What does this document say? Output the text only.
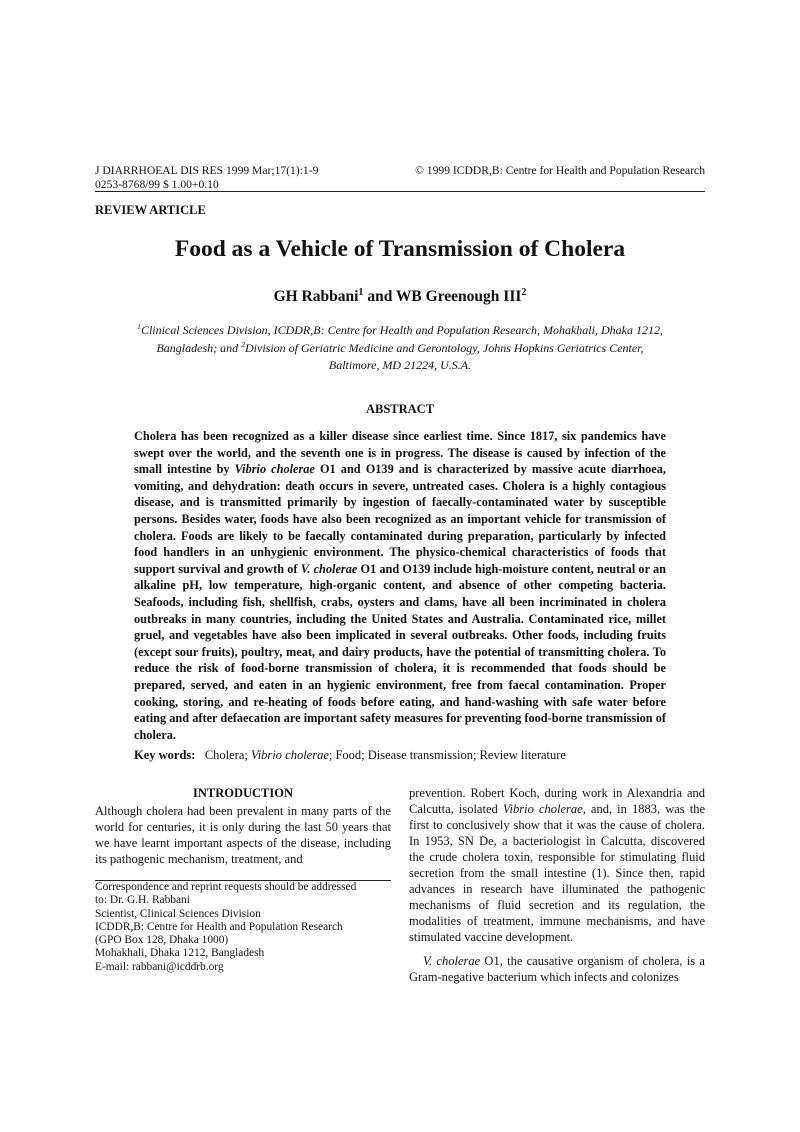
J DIARRHOEAL DIS RES 1999 Mar;17(1):1-9
0253-8768/99 $ 1.00+0.10
© 1999 ICDDR,B: Centre for Health and Population Research
REVIEW ARTICLE
Food as a Vehicle of Transmission of Cholera
GH Rabbani$^1$ and WB Greenough III$^2$
$^1$Clinical Sciences Division, ICDDR,B: Centre for Health and Population Research, Mohakhali, Dhaka 1212, Bangladesh; and $^2$Division of Geriatric Medicine and Gerontology, Johns Hopkins Geriatrics Center, Baltimore, MD 21224, U.S.A.
ABSTRACT
Cholera has been recognized as a killer disease since earliest time. Since 1817, six pandemics have swept over the world, and the seventh one is in progress. The disease is caused by infection of the small intestine by Vibrio cholerae O1 and O139 and is characterized by massive acute diarrhoea, vomiting, and dehydration: death occurs in severe, untreated cases. Cholera is a highly contagious disease, and is transmitted primarily by ingestion of faecally-contaminated water by susceptible persons. Besides water, foods have also been recognized as an important vehicle for transmission of cholera. Foods are likely to be faecally contaminated during preparation, particularly by infected food handlers in an unhygienic environment. The physico-chemical characteristics of foods that support survival and growth of V. cholerae O1 and O139 include high-moisture content, neutral or an alkaline pH, low temperature, high-organic content, and absence of other competing bacteria. Seafoods, including fish, shellfish, crabs, oysters and clams, have all been incriminated in cholera outbreaks in many countries, including the United States and Australia. Contaminated rice, millet gruel, and vegetables have also been implicated in several outbreaks. Other foods, including fruits (except sour fruits), poultry, meat, and dairy products, have the potential of transmitting cholera. To reduce the risk of food-borne transmission of cholera, it is recommended that foods should be prepared, served, and eaten in an hygienic environment, free from faecal contamination. Proper cooking, storing, and re-heating of foods before eating, and hand-washing with safe water before eating and after defaecation are important safety measures for preventing food-borne transmission of cholera.
Key words: Cholera; Vibrio cholerae; Food; Disease transmission; Review literature
INTRODUCTION
Although cholera had been prevalent in many parts of the world for centuries, it is only during the last 50 years that we have learnt important aspects of the disease, including its pathogenic mechanism, treatment, and
Correspondence and reprint requests should be addressed
to: Dr. G.H. Rabbani
Scientist, Clinical Sciences Division
ICDDR,B: Centre for Health and Population Research
(GPO Box 128, Dhaka 1000)
Mohakhali, Dhaka 1212, Bangladesh
E-mail: rabbani@icddrb.org

prevention. Robert Koch, during work in Alexandria and Calcutta, isolated Vibrio cholerae, and, in 1883, was the first to conclusively show that it was the cause of cholera. In 1953, SN De, a bacteriologist in Calcutta, discovered the crude cholera toxin, responsible for stimulating fluid secretion from the small intestine (1). Since then, rapid advances in research have illuminated the pathogenic mechanisms of fluid secretion and its regulation, the modalities of treatment, immune mechanisms, and have stimulated vaccine development.

V. cholerae O1, the causative organism of cholera, is a Gram-negative bacterium which infects and colonizes
